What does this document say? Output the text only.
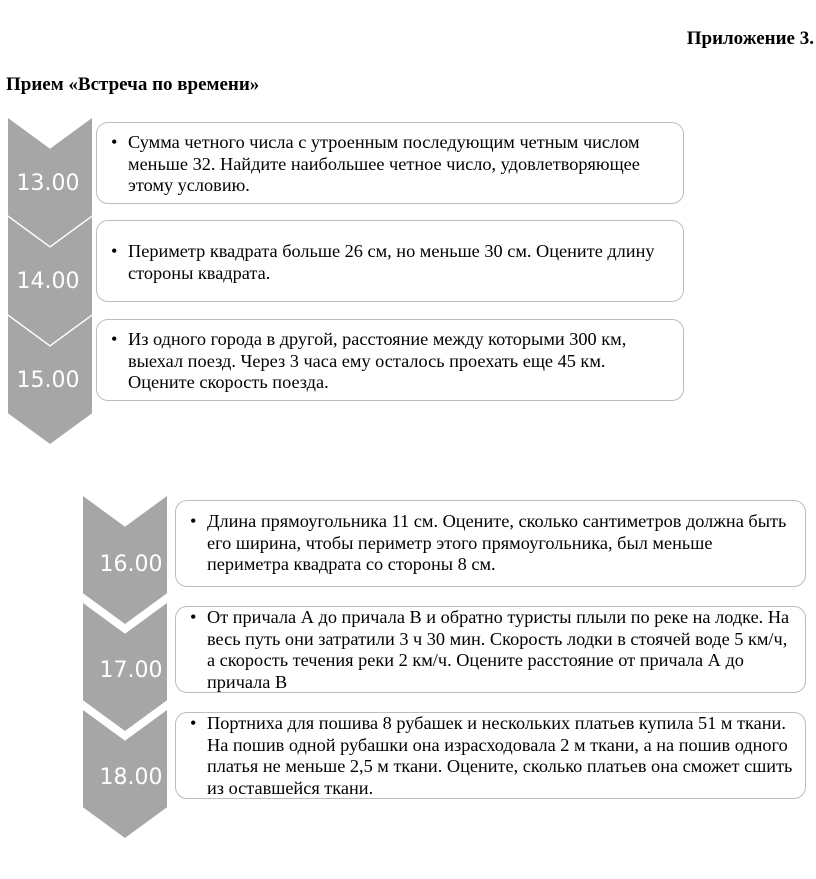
Приложение 3.
Прием «Встреча по времени»
13.00
• Сумма четного числа с утроенным последующим четным числом меньше 32. Найдите наибольшее четное число, удовлетворяющее этому условию.
14.00
• Периметр квадрата больше 26 см, но меньше 30 см. Оцените длину стороны квадрата.
15.00
• Из одного города в другой, расстояние между которыми 300 км, выехал поезд. Через 3 часа ему осталось проехать еще 45 км. Оцените скорость поезда.
16.00
• Длина прямоугольника 11 см. Оцените, сколько сантиметров должна быть его ширина, чтобы периметр этого прямоугольника, был меньше периметра квадрата со стороны 8 см.
17.00
• От причала А до причала В и обратно туристы плыли по реке на лодке. На весь путь они затратили 3 ч 30 мин. Скорость лодки в стоячей воде 5 км/ч, а скорость течения реки 2 км/ч. Оцените расстояние от причала А до причала В
18.00
• Портниха для пошива 8 рубашек и нескольких платьев купила 51 м ткани. На пошив одной рубашки она израсходовала 2 м ткани, а на пошив одного платья не меньше 2,5 м ткани. Оцените, сколько платьев она сможет сшить из оставшейся ткани.
